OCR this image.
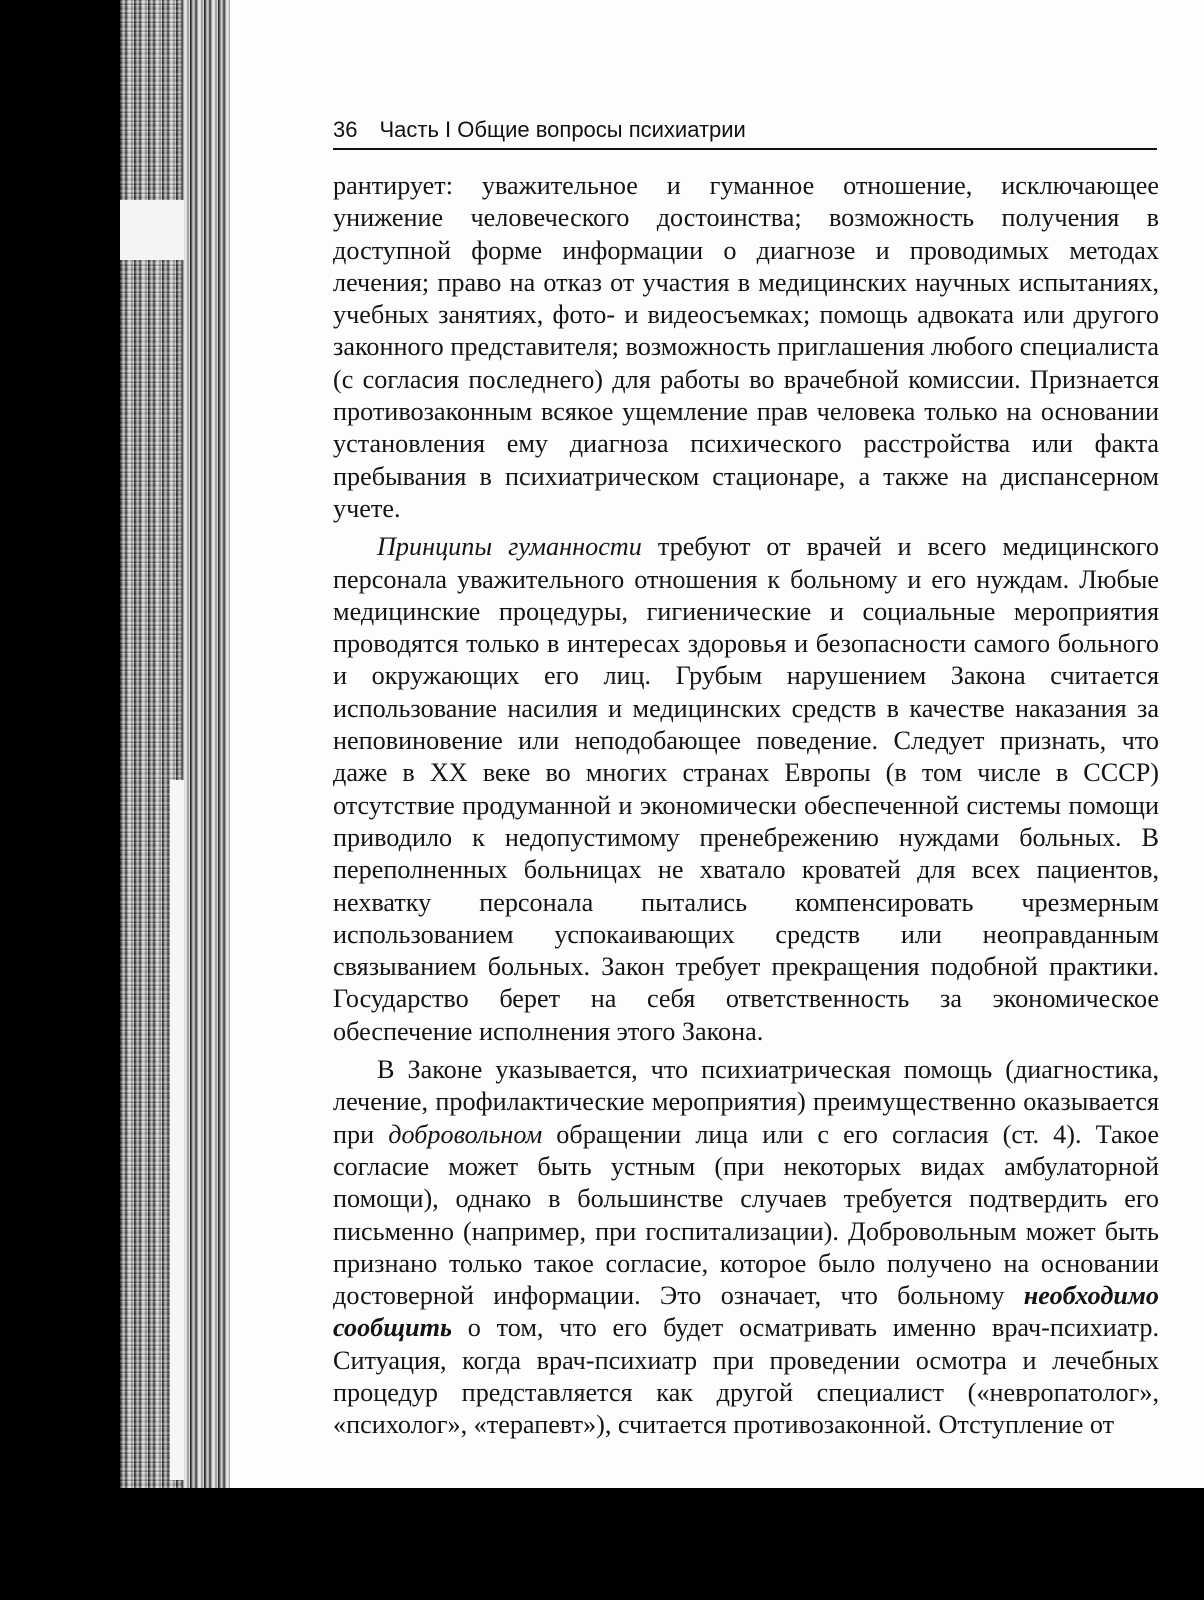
36 Часть I Общие вопросы психиатрии

рантирует: уважительное и гуманное отношение, исключающее унижение человеческого достоинства; возможность получения в доступной форме информации о диагнозе и проводимых методах лечения; право на отказ от участия в медицинских научных испытаниях, учебных занятиях, фото- и видеосъемках; помощь адвоката или другого законного представителя; возможность приглашения любого специалиста (с согласия последнего) для работы во врачебной комиссии. Признается противозаконным всякое ущемление прав человека только на основании установления ему диагноза психического расстройства или факта пребывания в психиатрическом стационаре, а также на диспансерном учете.

Принципы гуманности требуют от врачей и всего медицинского персонала уважительного отношения к больному и его нуждам. Любые медицинские процедуры, гигиенические и социальные мероприятия проводятся только в интересах здоровья и безопасности самого больного и окружающих его лиц. Грубым нарушением Закона считается использование насилия и медицинских средств в качестве наказания за неповиновение или неподобающее поведение. Следует признать, что даже в XX веке во многих странах Европы (в том числе в СССР) отсутствие продуманной и экономически обеспеченной системы помощи приводило к недопустимому пренебрежению нуждами больных. В переполненных больницах не хватало кроватей для всех пациентов, нехватку персонала пытались компенсировать чрезмерным использованием успокаивающих средств или неоправданным связыванием больных. Закон требует прекращения подобной практики. Государство берет на себя ответственность за экономическое обеспечение исполнения этого Закона.

В Законе указывается, что психиатрическая помощь (диагностика, лечение, профилактические мероприятия) преимущественно оказывается при добровольном обращении лица или с его согласия (ст. 4). Такое согласие может быть устным (при некоторых видах амбулаторной помощи), однако в большинстве случаев требуется подтвердить его письменно (например, при госпитализации). Добровольным может быть признано только такое согласие, которое было получено на основании достоверной информации. Это означает, что больному необходимо сообщить о том, что его будет осматривать именно врач-психиатр. Ситуация, когда врач-психиатр при проведении осмотра и лечебных процедур представляется как другой специалист («невропатолог», «психолог», «терапевт»), считается противозаконной. Отступление от
